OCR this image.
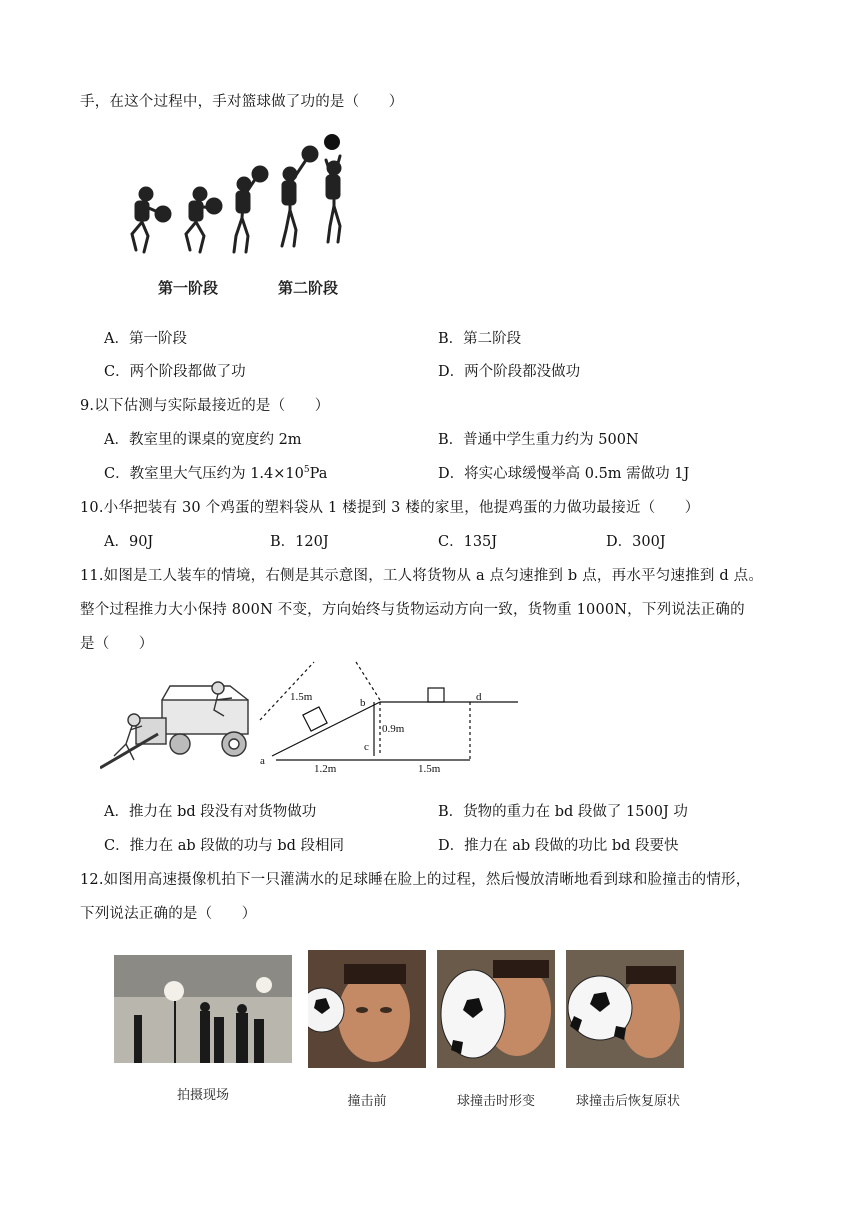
手，在这个过程中，手对篮球做了功的是（　　）
第一阶段	第二阶段
A．第一阶段	B．第二阶段
C．两个阶段都做了功	D．两个阶段都没做功
9.以下估测与实际最接近的是（　　）
A．教室里的课桌的宽度约 2m	B．普通中学生重力约为 500N
C．教室里大气压约为 $1.4\times 10^5Pa$	D．将实心球缓慢举高 0.5m 需做功 1J
10.小华把装有 30 个鸡蛋的塑料袋从 1 楼提到 3 楼的家里，他提鸡蛋的力做功最接近（　　）
A．90J	B．120J	C．135J	D．300J
11.如图是工人装车的情境，右侧是其示意图，工人将货物从 a 点匀速推到 b 点，再水平匀速推到 d 点。
整个过程推力大小保持 800N 不变，方向始终与货物运动方向一致，货物重 1000N，下列说法正确的
是（　　）
1.5m
0.9m
1.2m	1.5m
a
b
c
d
A．推力在 bd 段没有对货物做功	B．货物的重力在 bd 段做了 1500J 功
C．推力在 ab 段做的功与 bd 段相同	D．推力在 ab 段做的功比 bd 段要快
12.如图用高速摄像机拍下一只灌满水的足球睡在脸上的过程，然后慢放清晰地看到球和脸撞击的情形，
下列说法正确的是（　　）
拍摄现场	撞击前	球撞击时形变	球撞击后恢复原状
